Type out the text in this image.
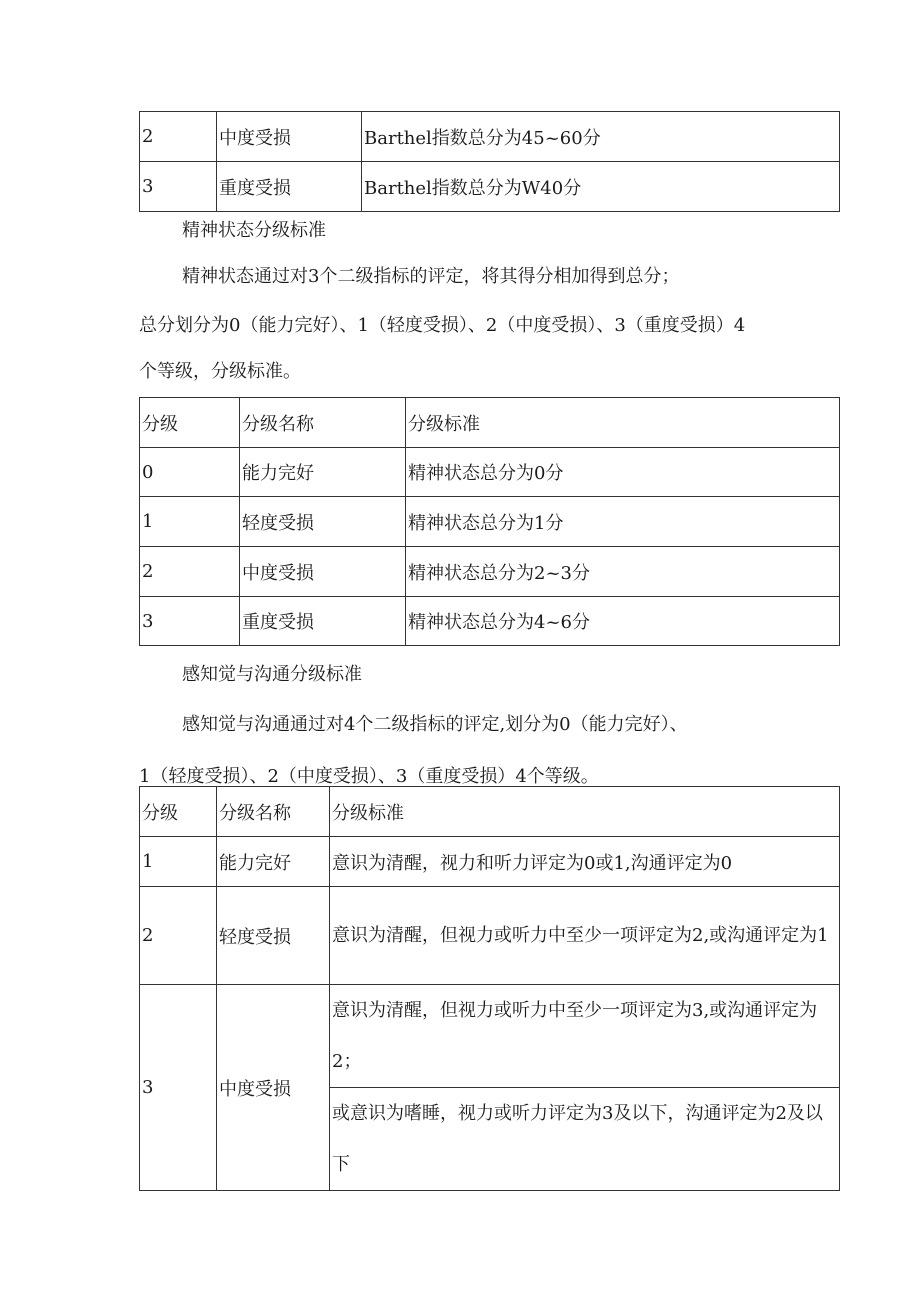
2	中度受损	Barthel指数总分为45~60分
3	重度受损	Barthel指数总分为W40分

精神状态分级标准

精神状态通过对3个二级指标的评定，将其得分相加得到总分；

总分划分为0（能力完好）、1（轻度受损）、2（中度受损）、3（重度受损）4

个等级，分级标准。

分级	分级名称	分级标准
0	能力完好	精神状态总分为0分
1	轻度受损	精神状态总分为1分
2	中度受损	精神状态总分为2~3分
3	重度受损	精神状态总分为4~6分

感知觉与沟通分级标准

感知觉与沟通通过对4个二级指标的评定,划分为0（能力完好）、

1（轻度受损）、2（中度受损）、3（重度受损）4个等级。

分级	分级名称	分级标准
1	能力完好	意识为清醒，视力和听力评定为0或1,沟通评定为0
2	轻度受损	意识为清醒，但视力或听力中至少一项评定为2,或沟通评定为1
3	中度受损	意识为清醒，但视力或听力中至少一项评定为3,或沟通评定为2；
		或意识为嗜睡，视力或听力评定为3及以下，沟通评定为2及以下
